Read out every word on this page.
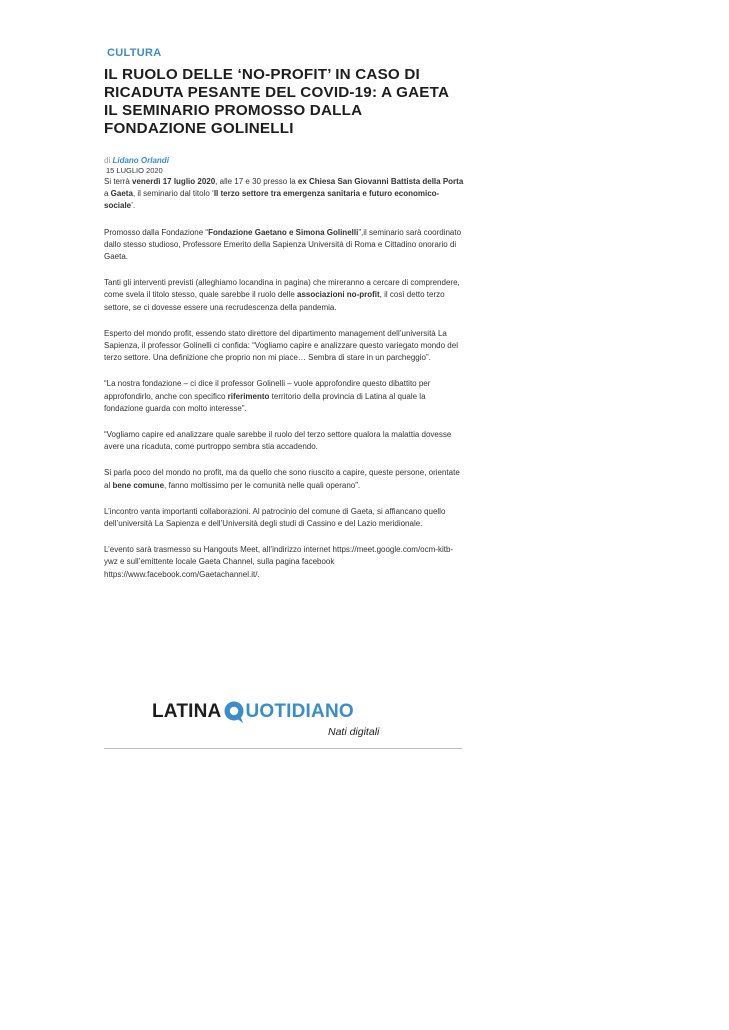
CULTURA
IL RUOLO DELLE ‘NO-PROFIT’ IN CASO DI RICADUTA PESANTE DEL COVID-19: A GAETA IL SEMINARIO PROMOSSO DALLA FONDAZIONE GOLINELLI
di Lidano Orlandi
15 LUGLIO 2020

Si terrà venerdì 17 luglio 2020, alle 17 e 30 presso la ex Chiesa San Giovanni Battista della Porta a Gaeta, il seminario dal titolo ‘Il terzo settore tra emergenza sanitaria e futuro economico-sociale’.

Promosso dalla Fondazione “Fondazione Gaetano e Simona Golinelli”,il seminario sarà coordinato dallo stesso studioso, Professore Emerito della Sapienza Università di Roma e Cittadino onorario di Gaeta.

Tanti gli interventi previsti (alleghiamo locandina in pagina) che mireranno a cercare di comprendere, come svela il titolo stesso, quale sarebbe il ruolo delle associazioni no-profit, il così detto terzo settore, se ci dovesse essere una recrudescenza della pandemia.

Esperto del mondo profit, essendo stato direttore del dipartimento management dell’università La Sapienza, il professor Golinelli ci confida: “Vogliamo capire e analizzare questo variegato mondo del terzo settore. Una definizione che proprio non mi piace… Sembra di stare in un parcheggio”.

“La nostra fondazione – ci dice il professor Golinelli – vuole approfondire questo dibattito per approfondirlo, anche con specifico riferimento territorio della provincia di Latina al quale la fondazione guarda con molto interesse”.

“Vogliamo capire ed analizzare quale sarebbe il ruolo del terzo settore qualora la malattia dovesse avere una ricaduta, come purtroppo sembra stia accadendo.

Si parla poco del mondo no profit, ma da quello che sono riuscito a capire, queste persone, orientate al bene comune, fanno moltissimo per le comunità nelle quali operano”.

L’incontro vanta importanti collaborazioni. Al patrocinio del comune di Gaeta, si affiancano quello dell’università La Sapienza e dell’Università degli studi di Cassino e del Lazio meridionale.

L’evento sarà trasmesso su Hangouts Meet, all’indirizzo internet https://meet.google.com/ocm-kitb-ywz e sull’emittente locale Gaeta Channel, sulla pagina facebook https://www.facebook.com/Gaetachannel.it/.

LATINA UOTIDIANO
Nati digitali
